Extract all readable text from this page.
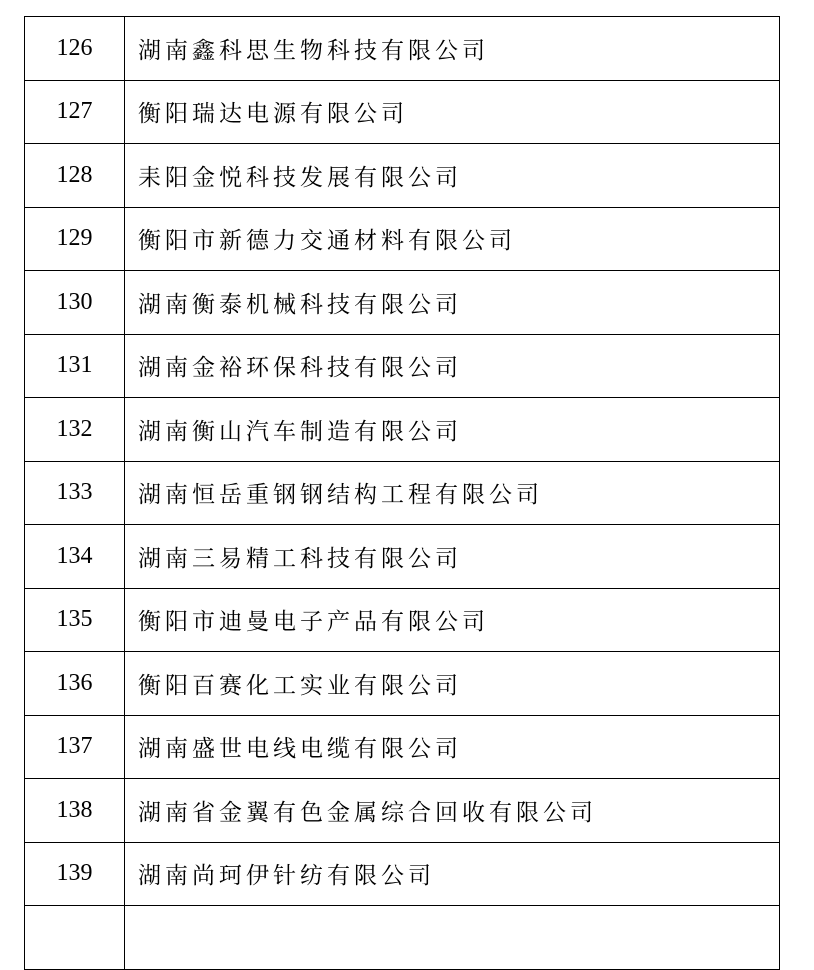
126	湖南鑫科思生物科技有限公司
127	衡阳瑞达电源有限公司
128	耒阳金悦科技发展有限公司
129	衡阳市新德力交通材料有限公司
130	湖南衡泰机械科技有限公司
131	湖南金裕环保科技有限公司
132	湖南衡山汽车制造有限公司
133	湖南恒岳重钢钢结构工程有限公司
134	湖南三易精工科技有限公司
135	衡阳市迪曼电子产品有限公司
136	衡阳百赛化工实业有限公司
137	湖南盛世电线电缆有限公司
138	湖南省金翼有色金属综合回收有限公司
139	湖南尚珂伊针纺有限公司
